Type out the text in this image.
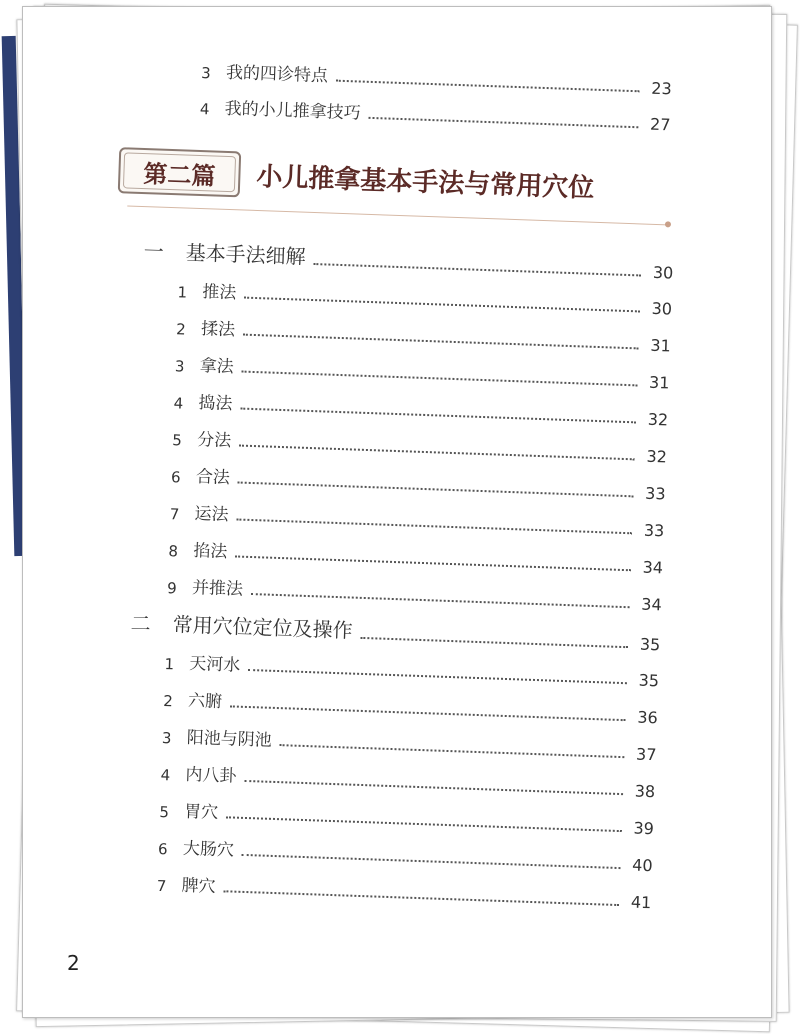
3 我的四诊特点
23
4 我的小儿推拿技巧
27
第二篇 小儿推拿基本手法与常用穴位
一	基本手法细解
30
1 推法
30
2 揉法
31
3 拿法
31
4 捣法
32
5 分法
32
6 合法
33
7 运法
33
8 掐法
34
9 并推法
34
二	常用穴位定位及操作
35
1 天河水
35
2 六腑
36
3 阳池与阴池
37
4 内八卦
38
5 胃穴
39
6 大肠穴
40
7 脾穴
41
2
